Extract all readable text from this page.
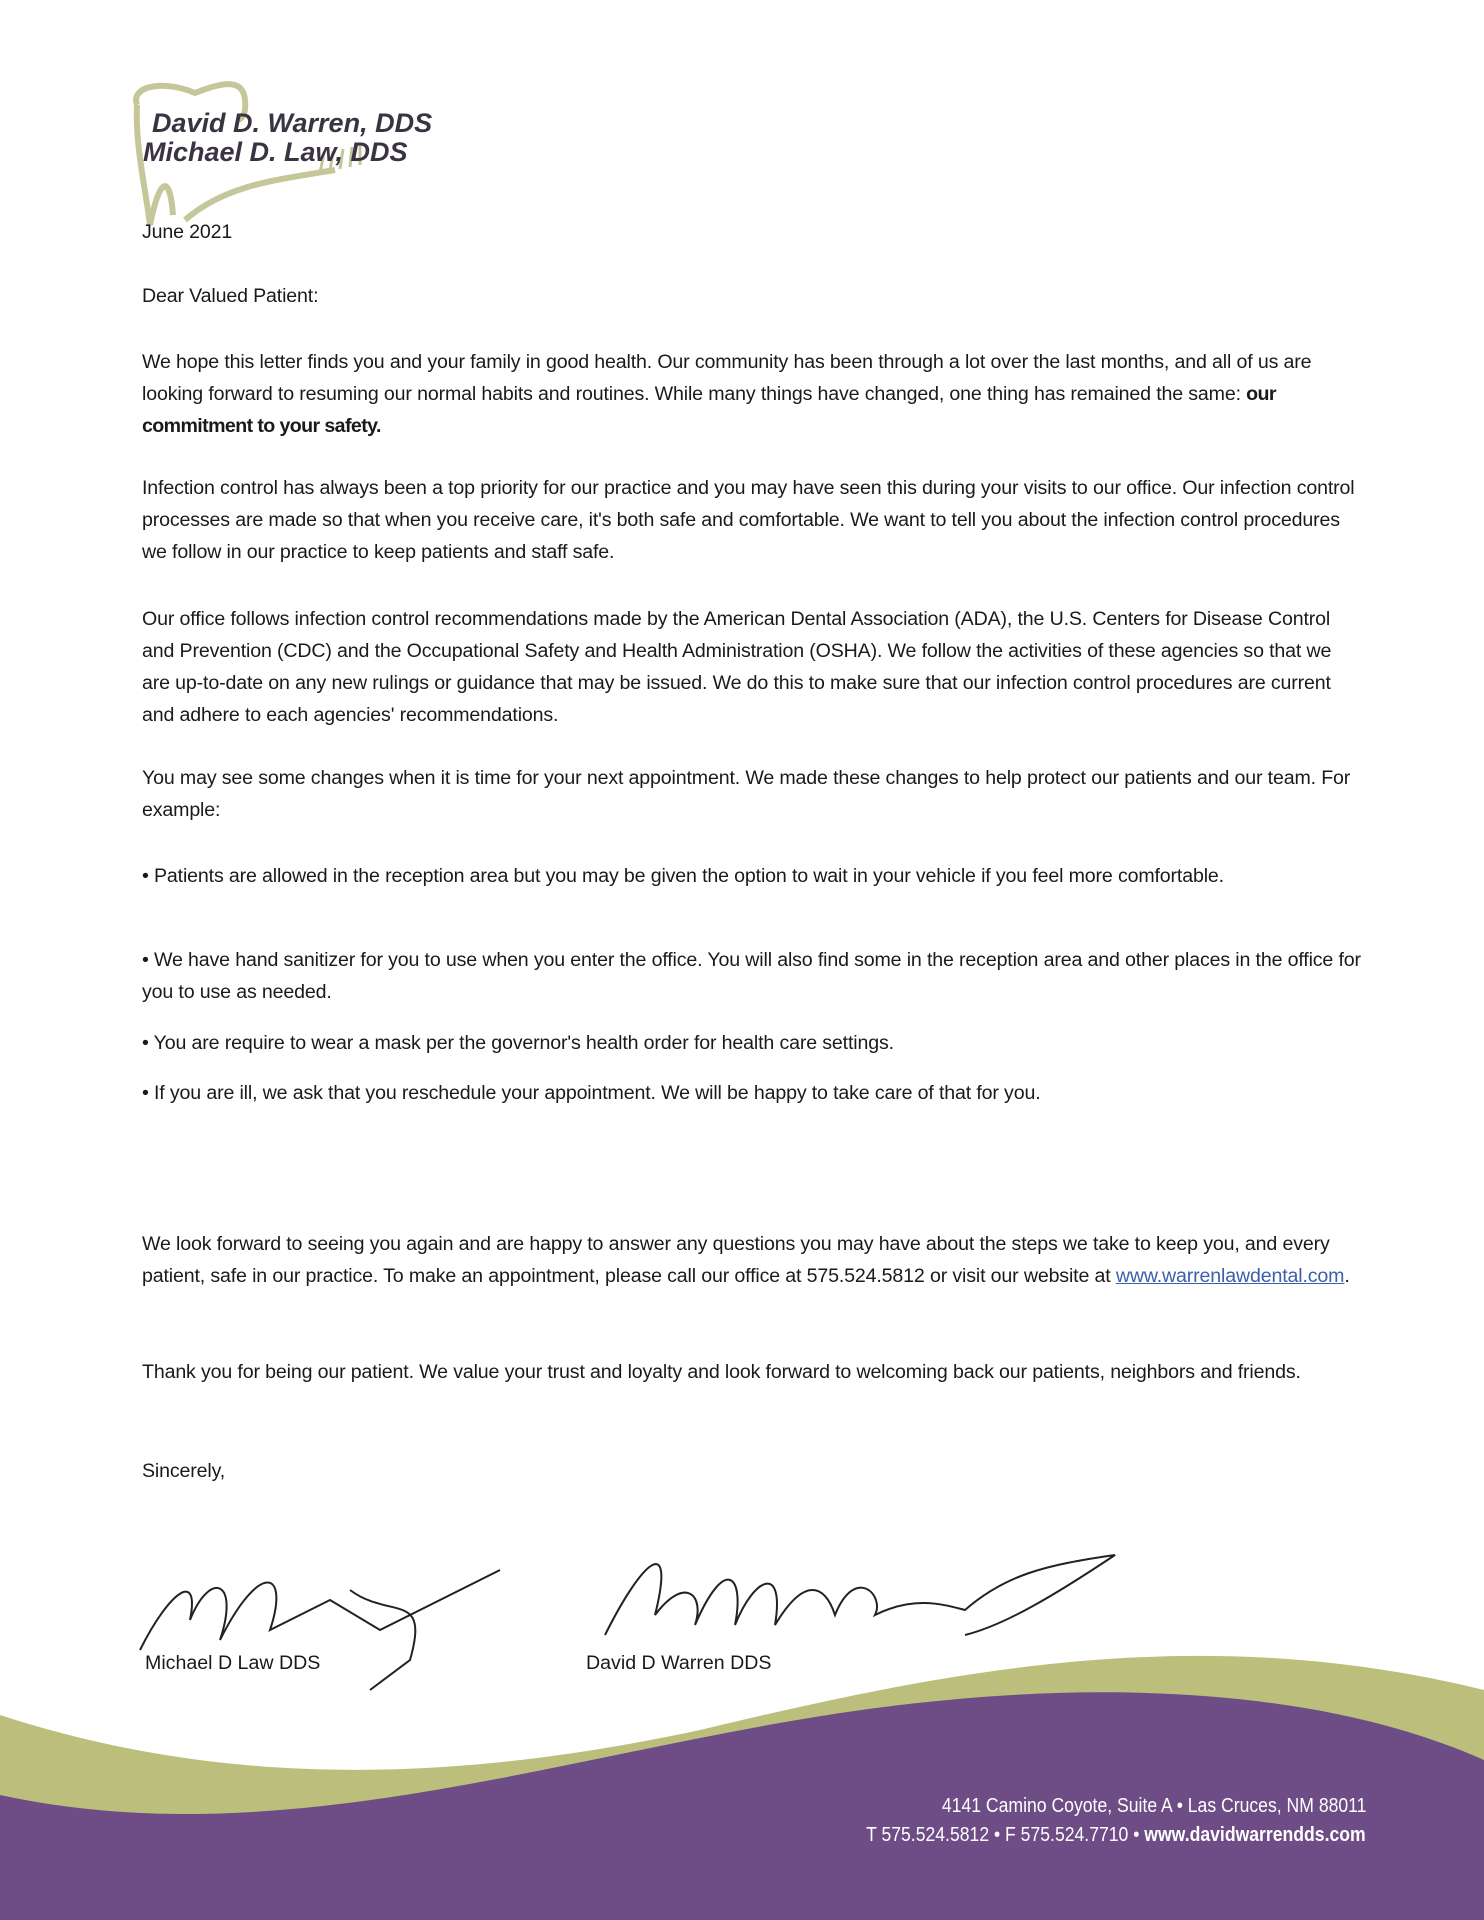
David D. Warren, DDS
Michael D. Law, DDS
June 2021
Dear Valued Patient:
We hope this letter finds you and your family in good health. Our community has been through a lot over the last months, and all of us are looking forward to resuming our normal habits and routines. While many things have changed, one thing has remained the same: our commitment to your safety.
Infection control has always been a top priority for our practice and you may have seen this during your visits to our office. Our infection control processes are made so that when you receive care, it's both safe and comfortable. We want to tell you about the infection control procedures we follow in our practice to keep patients and staff safe.
Our office follows infection control recommendations made by the American Dental Association (ADA), the U.S. Centers for Disease Control and Prevention (CDC) and the Occupational Safety and Health Administration (OSHA). We follow the activities of these agencies so that we are up-to-date on any new rulings or guidance that may be issued. We do this to make sure that our infection control procedures are current and adhere to each agencies' recommendations.
You may see some changes when it is time for your next appointment. We made these changes to help protect our patients and our team. For example:
• Patients are allowed in the reception area but you may be given the option to wait in your vehicle if you feel more comfortable.
• We have hand sanitizer for you to use when you enter the office. You will also find some in the reception area and other places in the office for you to use as needed.
• You are require to wear a mask per the governor's health order for health care settings.
• If you are ill, we ask that you reschedule your appointment. We will be happy to take care of that for you.
We look forward to seeing you again and are happy to answer any questions you may have about the steps we take to keep you, and every patient, safe in our practice. To make an appointment, please call our office at 575.524.5812 or visit our website at www.warrenlawdental.com.
Thank you for being our patient. We value your trust and loyalty and look forward to welcoming back our patients, neighbors and friends.
Sincerely,
Michael D Law DDS	David D Warren DDS
4141 Camino Coyote, Suite A • Las Cruces, NM 88011
T 575.524.5812 • F 575.524.7710 • www.davidwarrendds.com
